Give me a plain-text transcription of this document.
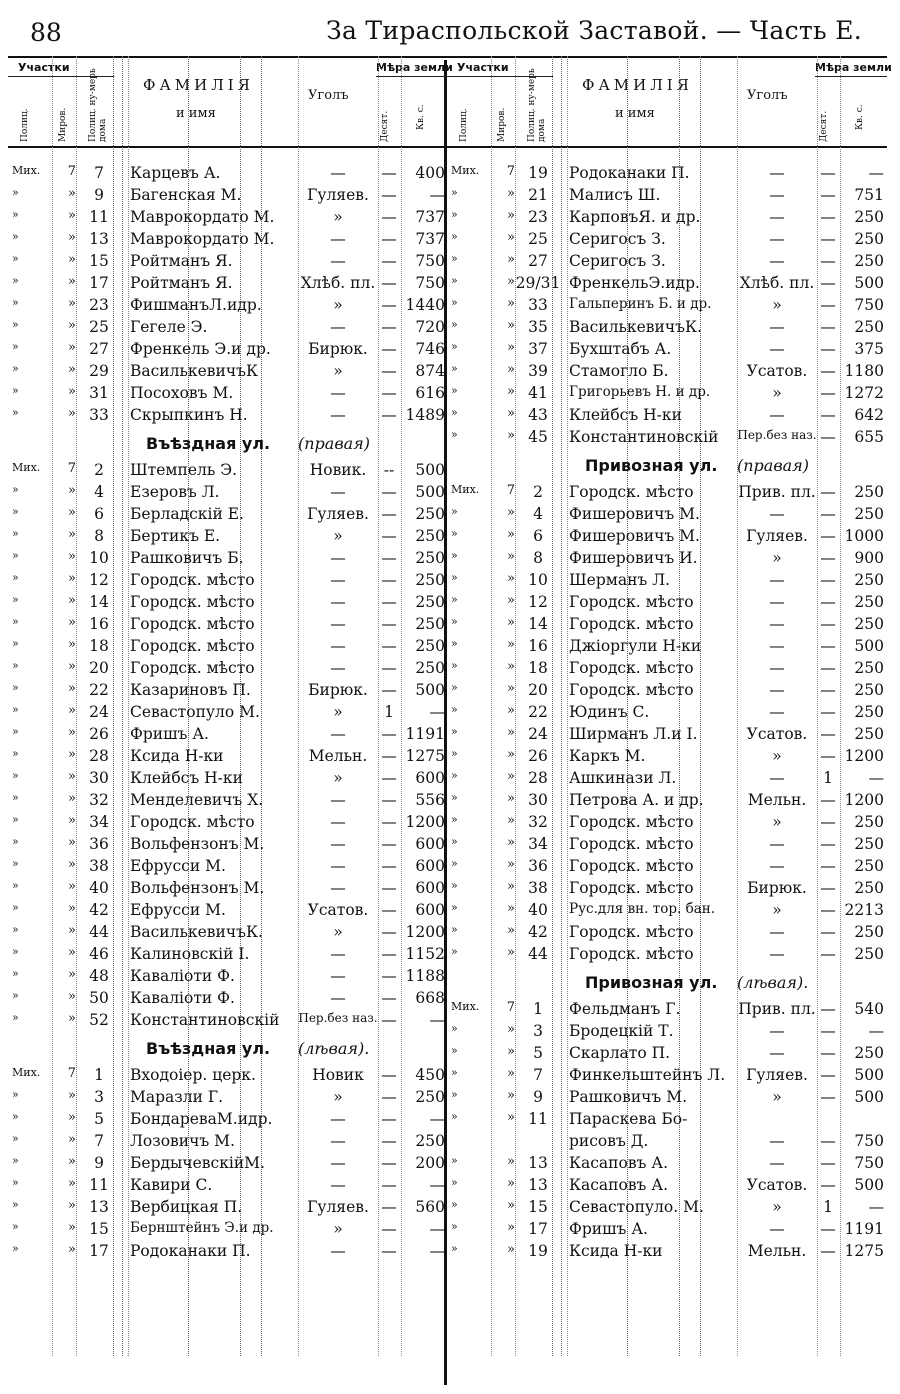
88	За Тираспольской Заставой. — Часть Е.
Участки
Полиц.	Миров. Полиц. ну-мерь дома
ФАМИЛІЯ
и имя
Уголъ
Мѣра земли
Десят.	Кв. с.
Мих.	7	7	Карцевъ А.	—	—	400
»	»	9	Багенская М.	Гуляев. —	—
»	» 11	Маврокордато М.	»	—	737
»	» 13	Маврокордато М.	—	—	737
»	» 15	Ройтманъ Я.	—	—	750
»	» 17	Ройтманъ Я.	Хлѣб. пл. —	750
»	» 23	ФишманъЛ.идр.	»	— 1440
»	» 25	Гегеле Э.	—	—	720
»	» 27	Френкель Э.и др.	Бирюк. —	746
»	» 29	ВасилькевичъК	»	—	874
»	» 31	Посоховъ М.	—	—	616
»	» 33	Скрыпкинъ Н.	—	— 1489
Въѣздная ул. (правая)
Мих.	7	2	Штемпель Э.	Новик.	--	500
»	»	4	Езеровъ Л.	—	—	500
»	»	6	Берладскій Е.	Гуляев. —	250
»	»	8	Бертикъ Е.	»	—	250
»	» 10	Рашковичъ Б.	—	—	250
»	» 12	Городск. мѣсто	—	—	250
»	» 14	Городск. мѣсто	—	—	250
»	» 16	Городск. мѣсто	—	—	250
»	» 18	Городск. мѣсто	—	—	250
»	» 20	Городск. мѣсто	—	—	250
»	» 22	Казариновъ П.	Бирюк. —	500
»	» 24	Севастопуло М.	»	1	—
»	» 26	Фришъ А.	—	— 1191
»	» 28	Ксида Н-ки	Мельн. — 1275
»	» 30	Клейбсъ Н-ки	»	—	600
»	» 32	Менделевичъ Х.	—	—	556
»	» 34	Городск. мѣсто	—	— 1200
»	» 36	Вольфензонъ М.	—	—	600
»	» 38	Ефрусси М.	—	—	600
»	» 40	Вольфензонъ М.	—	—	600
»	» 42	Ефрусси М.	Усатов. —	600
»	» 44	ВасилькевичъК.	»	— 1200
»	» 46	Калиновскій І.	—	— 1152
»	» 48	Каваліоти Ф.	—	— 1188
»	» 50	Каваліоти Ф.	—	—	668
»	» 52	Константиновскій	Пер.без наз. —	—
Въѣздная ул. (лѣвая).
Мих.	7	1	Входоіер. церк.	Новик	—	450
»	»	3	Маразли Г.	»	—	250
»	»	5	БондареваМ.идр.	—	—	—
»	»	7	Лозовичъ М.	—	—	250
»	»	9	БердычевскійМ.	—	—	200
»	» 11	Кавири С.	—	—	—
»	» 13	Вербицкая П.	Гуляев. —	560
»	» 15	Бернштейнъ Э.и др.	»	—	—
»	» 17	Родоканаки П.	—	—	—
Участки
Полиц.	Миров. Полиц. ну-мерь дома
ФАМИЛІЯ
и имя
Уголъ
Мѣра земли
Десят.	Кв. с.
Мих.	7 19	Родоканаки П.	—	—	—
»	» 21	Малисъ Ш.	—	—	751
»	» 23	КарповъЯ. и др.	—	—	250
»	» 25	Серигосъ З.	—	—	250
»	» 27	Серигосъ З.	—	—	250
»	» 29/31 ФренкельЭ.идр.	Хлѣб. пл. —	500
»	» 33	Гальперинъ Б. и др.	»	—	750
»	» 35	ВасилькевичъК.	—	—	250
»	» 37	Бухштабъ А.	—	—	375
»	» 39	Стамогло Б.	Усатов. — 1180
»	» 41	Григорьевъ Н. и др.	»	— 1272
»	» 43	Клейбсъ Н-ки	—	—	642
»	» 45	Константиновскій	Пер.без наз. —	655
Привозная ул. (правая)
Мих.	7	2	Городск. мѣсто	Прив. пл. —	250
»	»	4	Фишеровичъ М.	—	—	250
»	»	6	Фишеровичъ М.	Гуляев. — 1000
»	»	8	Фишеровичъ И.	»	—	900
»	» 10	Шерманъ Л.	—	—	250
»	» 12	Городск. мѣсто	—	—	250
»	» 14	Городск. мѣсто	—	—	250
»	» 16	Джіоргули Н-ки	—	—	500
»	» 18	Городск. мѣсто	—	—	250
»	» 20	Городск. мѣсто	—	—	250
»	» 22	Юдинъ С.	—	—	250
»	» 24	Ширманъ Л.и І.	Усатов. —	250
»	» 26	Каркъ М.	»	— 1200
»	» 28	Ашкинази Л.	—	1	—
»	» 30	Петрова А. и др.	Мельн. — 1200
»	» 32	Городск. мѣсто	»	—	250
»	» 34	Городск. мѣсто	—	—	250
»	» 36	Городск. мѣсто	—	—	250
»	» 38	Городск. мѣсто	Бирюк. —	250
»	» 40	Рус.для вн. тор. бан.	»	— 2213
»	» 42	Городск. мѣсто	—	—	250
»	» 44	Городск. мѣсто	—	—	250
Привозная ул. (лѣвая).
Мих.	7	1	Фельдманъ Г.	Прив. пл. —	540
»	»	3	Бродецкій Т.	—	—	—
»	»	5	Скарлато П.	—	—	250
»	»	7	Финкельштейнъ Л.	Гуляев. —	500
»	»	9	Рашковичъ М.	»	—	500
»	» 11	Параскева Бо-
рисовъ Д.	—	—	750
»	» 13	Касаповъ А.	—	—	750
»	» 13	Касаповъ А.	Усатов. —	500
»	» 15	Севастопуло. М.	»	1	—
»	» 17	Фришъ А.	—	— 1191
»	» 19	Ксида Н-ки	Мельн. — 1275
